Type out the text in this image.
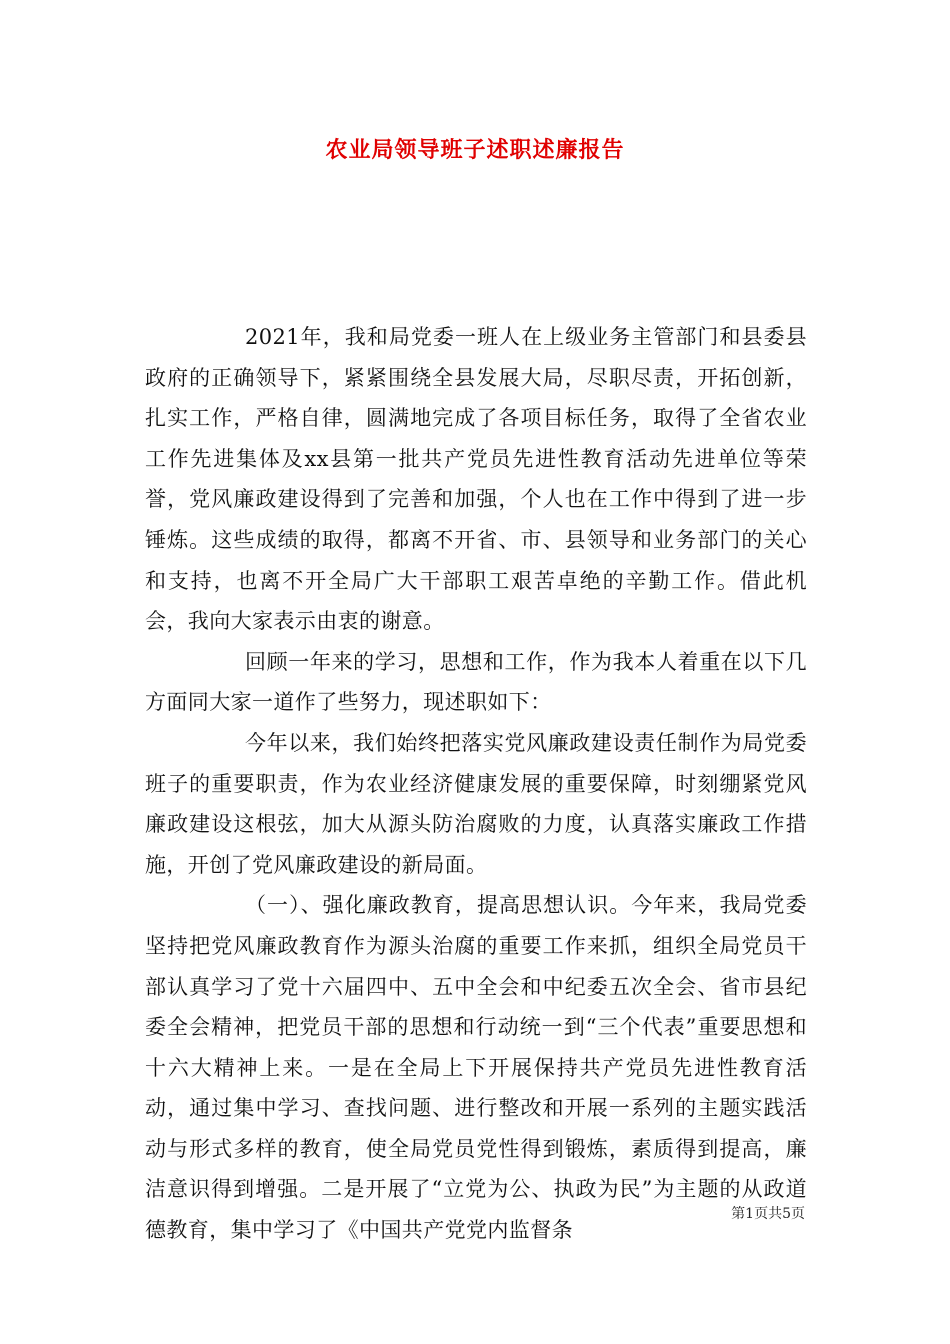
农业局领导班子述职述廉报告

2021年，我和局党委一班人在上级业务主管部门和县委县政府的正确领导下，紧紧围绕全县发展大局，尽职尽责，开拓创新，扎实工作，严格自律，圆满地完成了各项目标任务，取得了全省农业工作先进集体及xx县第一批共产党员先进性教育活动先进单位等荣誉，党风廉政建设得到了完善和加强，个人也在工作中得到了进一步锤炼。这些成绩的取得，都离不开省、市、县领导和业务部门的关心和支持，也离不开全局广大干部职工艰苦卓绝的辛勤工作。借此机会，我向大家表示由衷的谢意。

回顾一年来的学习，思想和工作，作为我本人着重在以下几方面同大家一道作了些努力，现述职如下：

今年以来，我们始终把落实党风廉政建设责任制作为局党委班子的重要职责，作为农业经济健康发展的重要保障，时刻绷紧党风廉政建设这根弦，加大从源头防治腐败的力度，认真落实廉政工作措施，开创了党风廉政建设的新局面。

（一）、强化廉政教育，提高思想认识。今年来，我局党委坚持把党风廉政教育作为源头治腐的重要工作来抓，组织全局党员干部认真学习了党十六届四中、五中全会和中纪委五次全会、省市县纪委全会精神，把党员干部的思想和行动统一到“三个代表”重要思想和十六大精神上来。一是在全局上下开展保持共产党员先进性教育活动，通过集中学习、查找问题、进行整改和开展一系列的主题实践活动与形式多样的教育，使全局党员党性得到锻炼，素质得到提高，廉洁意识得到增强。二是开展了“立党为公、执政为民”为主题的从政道德教育，集中学习了《中国共产党党内监督条

第1页共5页
